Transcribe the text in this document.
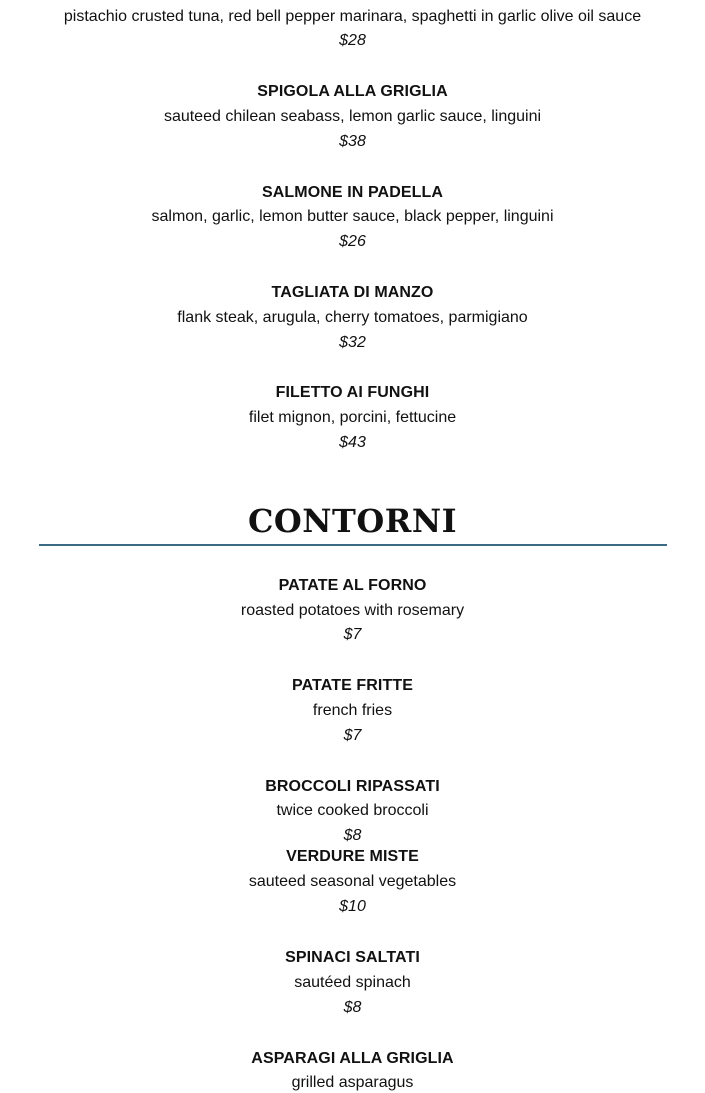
pistachio crusted tuna, red bell pepper marinara, spaghetti in garlic olive oil sauce
$28
SPIGOLA ALLA GRIGLIA
sauteed chilean seabass, lemon garlic sauce, linguini
$38
SALMONE IN PADELLA
salmon, garlic, lemon butter sauce, black pepper, linguini
$26
TAGLIATA DI MANZO
flank steak, arugula, cherry tomatoes, parmigiano
$32
FILETTO AI FUNGHI
filet mignon, porcini, fettucine
$43
CONTORNI
PATATE AL FORNO
roasted potatoes with rosemary
$7
PATATE FRITTE
french fries
$7
BROCCOLI RIPASSATI
twice cooked broccoli
$8
VERDURE MISTE
sauteed seasonal vegetables
$10
SPINACI SALTATI
sautéed spinach
$8
ASPARAGI ALLA GRIGLIA
grilled asparagus
